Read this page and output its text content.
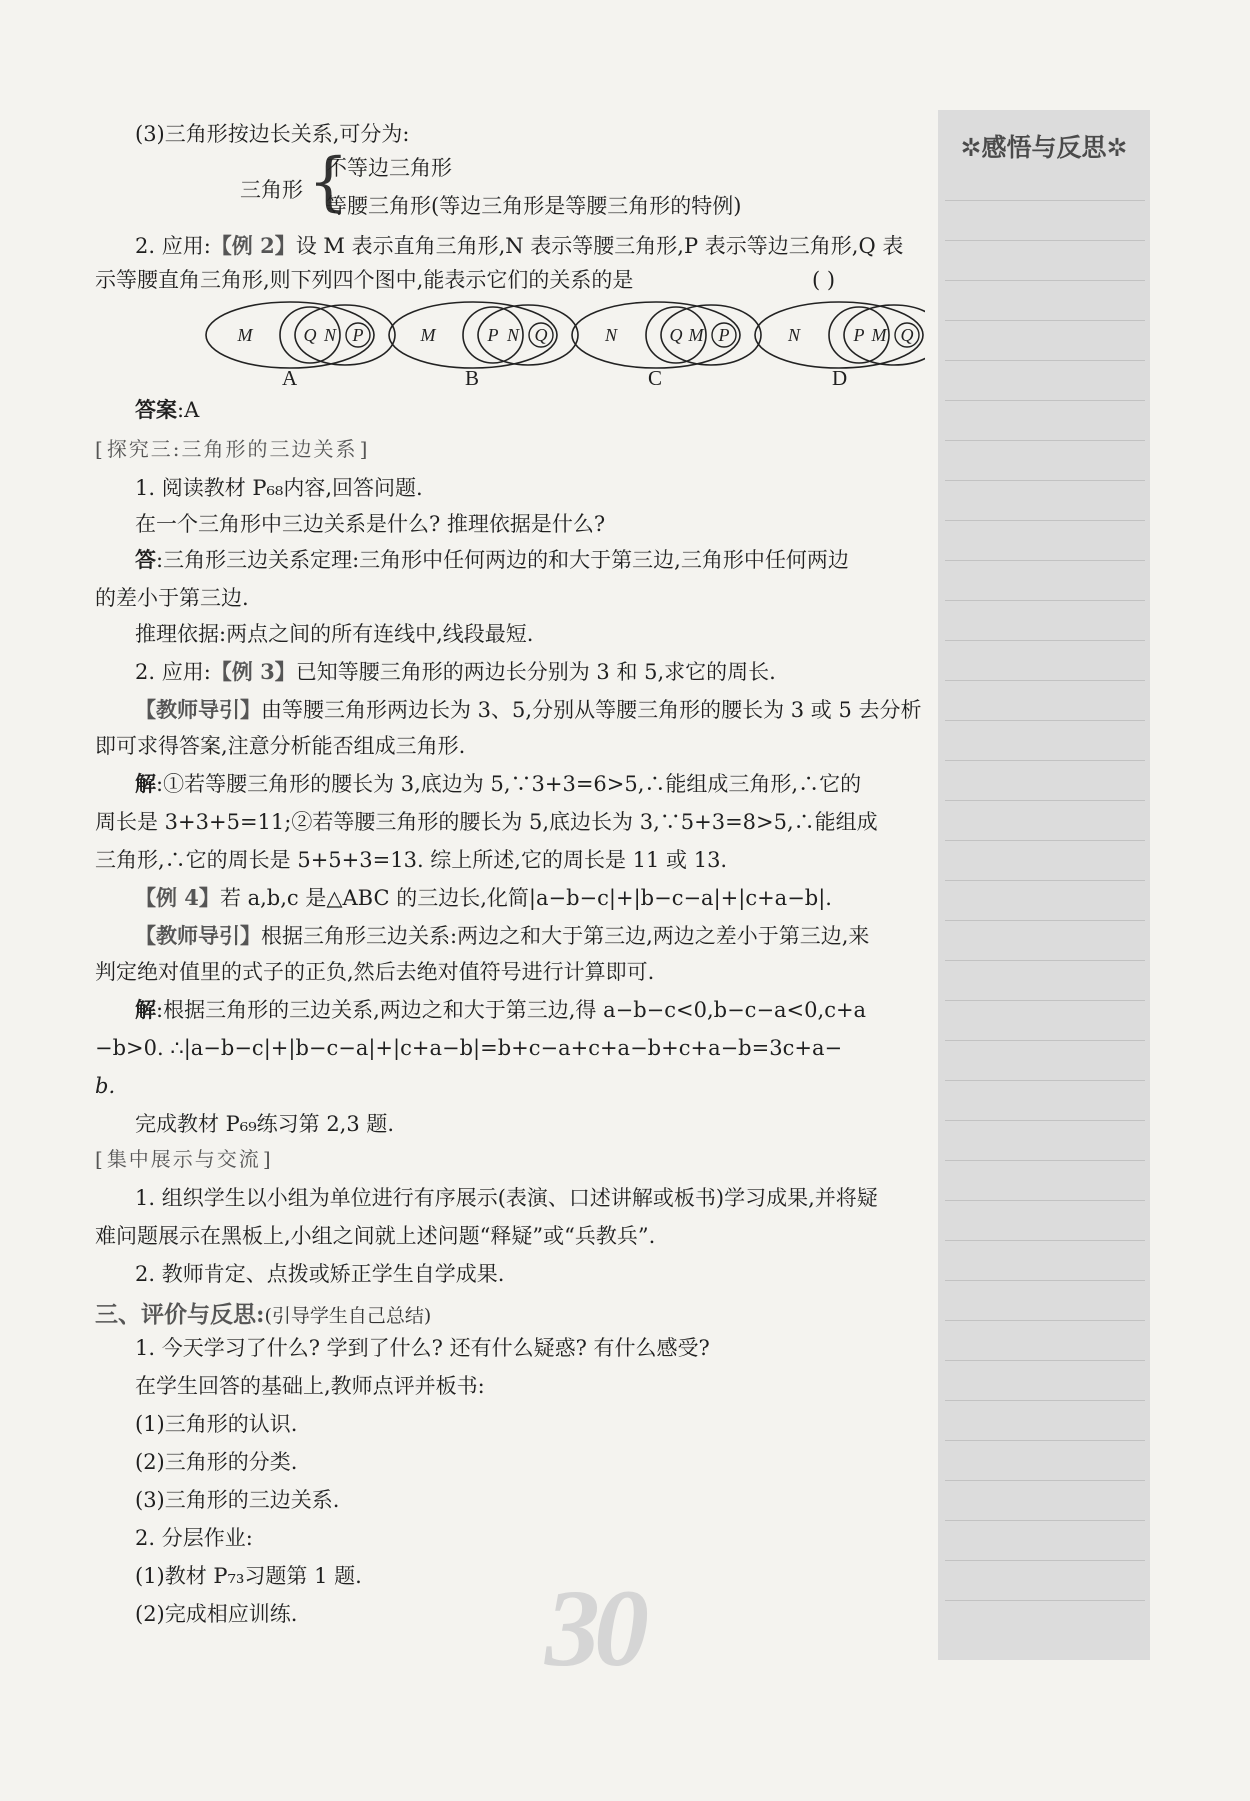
✲感悟与反思✲
(3)三角形按边长关系,可分为:
三角形 {
不等边三角形
等腰三角形(等边三角形是等腰三角形的特例)
2. 应用:【例 2】设 M 表示直角三角形,N 表示等腰三角形,P 表示等边三角形,Q 表
示等腰直角三角形,则下列四个图中,能表示它们的关系的是	( )
M	Q N P	M	P N Q	N	Q M P	N	P M Q
A	B	C	D
答案:A
[ 探究三:三角形的三边关系 ]
1. 阅读教材 P₆₈内容,回答问题.
在一个三角形中三边关系是什么? 推理依据是什么?
答:三角形三边关系定理:三角形中任何两边的和大于第三边,三角形中任何两边
的差小于第三边.
推理依据:两点之间的所有连线中,线段最短.
2. 应用:【例 3】已知等腰三角形的两边长分别为 3 和 5,求它的周长.
【教师导引】由等腰三角形两边长为 3、5,分别从等腰三角形的腰长为 3 或 5 去分析
即可求得答案,注意分析能否组成三角形.
解:①若等腰三角形的腰长为 3,底边为 5,∵3+3=6>5,∴能组成三角形,∴它的
周长是 3+3+5=11;②若等腰三角形的腰长为 5,底边长为 3,∵5+3=8>5,∴能组成
三角形,∴它的周长是 5+5+3=13. 综上所述,它的周长是 11 或 13.
【例 4】若 a,b,c 是△ABC 的三边长,化简|a−b−c|+|b−c−a|+|c+a−b|.
【教师导引】根据三角形三边关系:两边之和大于第三边,两边之差小于第三边,来
判定绝对值里的式子的正负,然后去绝对值符号进行计算即可.
解:根据三角形的三边关系,两边之和大于第三边,得 a−b−c<0,b−c−a<0,c+a
−b>0. ∴|a−b−c|+|b−c−a|+|c+a−b|=b+c−a+c+a−b+c+a−b=3c+a−
b.
完成教材 P₆₉练习第 2,3 题.
[ 集中展示与交流 ]
1. 组织学生以小组为单位进行有序展示(表演、口述讲解或板书)学习成果,并将疑
难问题展示在黑板上,小组之间就上述问题“释疑”或“兵教兵”.
2. 教师肯定、点拨或矫正学生自学成果.
三、评价与反思:(引导学生自己总结)
1. 今天学习了什么? 学到了什么? 还有什么疑惑? 有什么感受?
在学生回答的基础上,教师点评并板书:
(1)三角形的认识.
(2)三角形的分类.
(3)三角形的三边关系.
2. 分层作业:
(1)教材 P₇₃习题第 1 题.
(2)完成相应训练. 30
